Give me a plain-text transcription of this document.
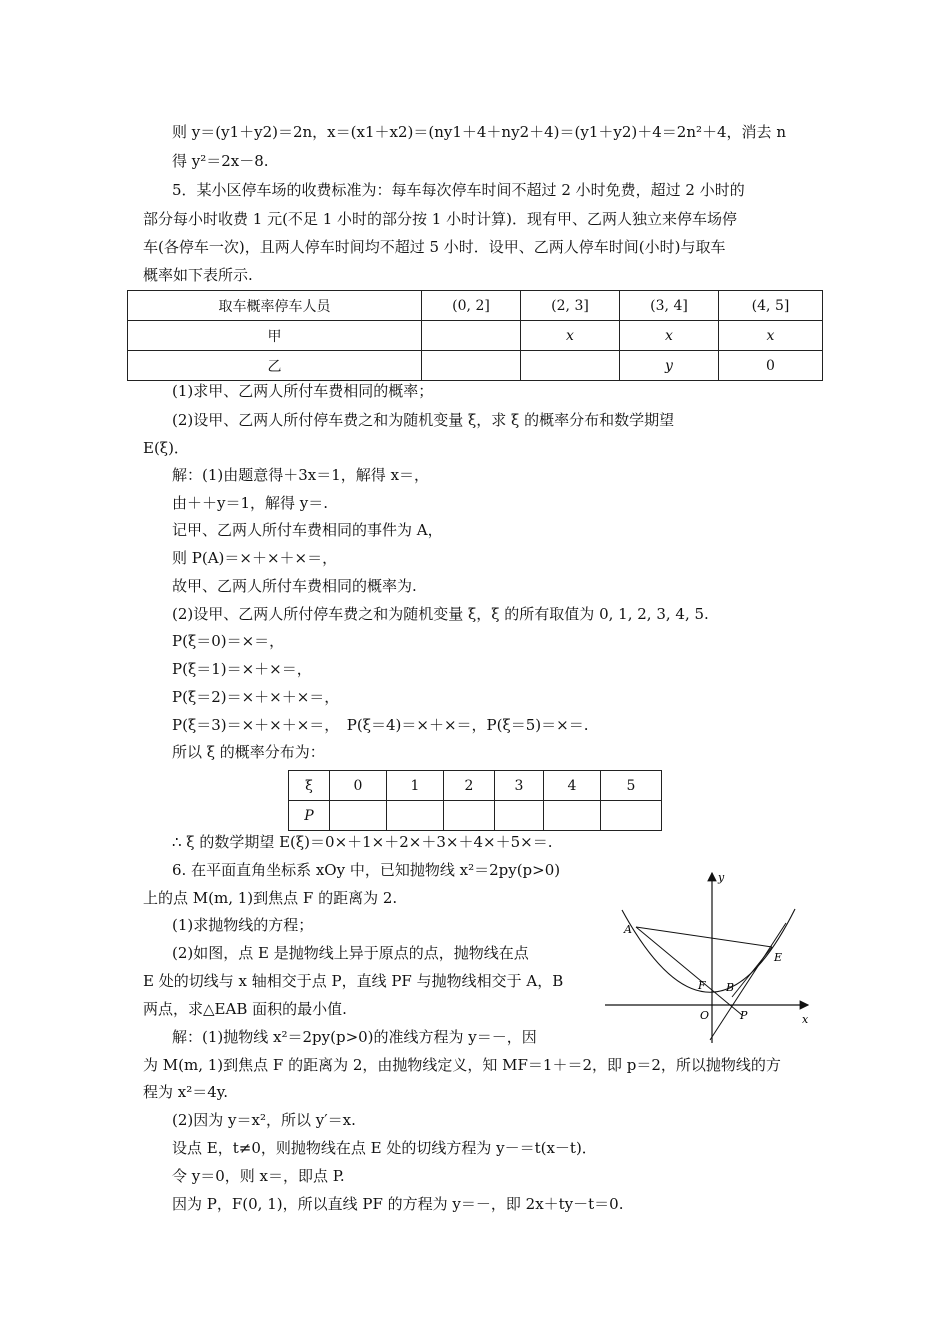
则 y＝(y1＋y2)＝2n，x＝(x1＋x2)＝(ny1＋4＋ny2＋4)＝(y1＋y2)＋4＝2n²＋4，消去 n
得 y²＝2x－8.
5．某小区停车场的收费标准为：每车每次停车时间不超过 2 小时免费，超过 2 小时的
部分每小时收费 1 元(不足 1 小时的部分按 1 小时计算)．现有甲、乙两人独立来停车场停
车(各停车一次)，且两人停车时间均不超过 5 小时．设甲、乙两人停车时间(小时)与取车
概率如下表所示.
取车概率停车人员	(0, 2]	(2, 3]	(3, 4]	(4, 5]
甲		x	x	x
乙			y	0
(1)求甲、乙两人所付车费相同的概率；
(2)设甲、乙两人所付停车费之和为随机变量 ξ，求 ξ 的概率分布和数学期望
E(ξ)．
解：(1)由题意得＋3x＝1，解得 x＝，
由＋＋y＝1，解得 y＝.
记甲、乙两人所付车费相同的事件为 A，
则 P(A)＝×＋×＋×＝，
故甲、乙两人所付车费相同的概率为.
(2)设甲、乙两人所付停车费之和为随机变量 ξ，ξ 的所有取值为 0, 1, 2, 3, 4, 5.
P(ξ＝0)＝×＝，
P(ξ＝1)＝×＋×＝，
P(ξ＝2)＝×＋×＋×＝，
P(ξ＝3)＝×＋×＋×＝，　P(ξ＝4)＝×＋×＝，P(ξ＝5)＝×＝.
所以 ξ 的概率分布为：
ξ	0	1	2	3	4	5
P						
∴ ξ 的数学期望 E(ξ)＝0×＋1×＋2×＋3×＋4×＋5×＝.
6. 在平面直角坐标系 xOy 中，已知抛物线 x²＝2py(p>0)
上的点 M(m, 1)到焦点 F 的距离为 2.
(1)求抛物线的方程；
(2)如图，点 E 是抛物线上异于原点的点，抛物线在点
E 处的切线与 x 轴相交于点 P，直线 PF 与抛物线相交于 A，B
两点，求△EAB 面积的最小值.
解：(1)抛物线 x²＝2py(p>0)的准线方程为 y＝－，因
为 M(m, 1)到焦点 F 的距离为 2，由抛物线定义，知 MF＝1＋＝2，即 p＝2，所以抛物线的方
程为 x²＝4y.
(2)因为 y＝x²，所以 y′＝x.
设点 E，t≠0，则抛物线在点 E 处的切线方程为 y－＝t(x－t)．
令 y＝0，则 x＝，即点 P.
因为 P，F(0, 1)，所以直线 PF 的方程为 y＝－，即 2x＋ty－t＝0.
y
x
A
E
F B
O	P
